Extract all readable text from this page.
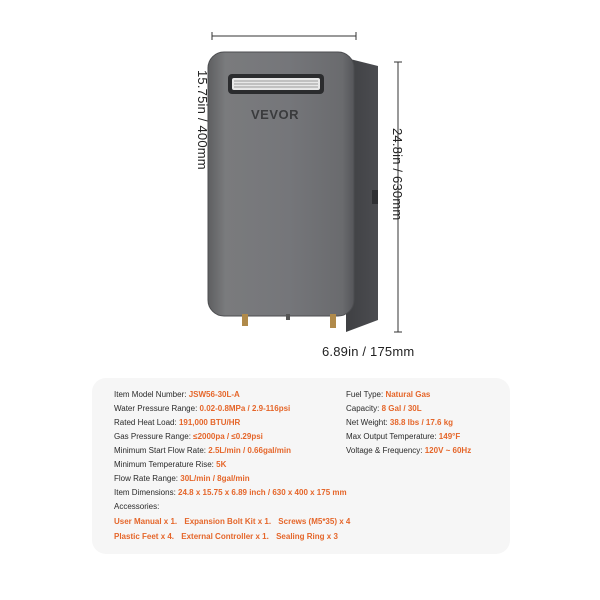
VEVOR
15.75in / 400mm
24.8in / 630mm
6.89in / 175mm
Item Model Number: JSW56-30L-A
Water Pressure Range: 0.02-0.8MPa / 2.9-116psi
Rated Heat Load: 191,000 BTU/HR
Gas Pressure Range: ≤2000pa / ≤0.29psi
Minimum Start Flow Rate: 2.5L/min / 0.66gal/min
Minimum Temperature Rise: 5K
Flow Rate Range: 30L/min / 8gal/min
Item Dimensions: 24.8 x 15.75 x 6.89 inch / 630 x 400 x 175 mm
Fuel Type: Natural Gas
Capacity: 8 Gal / 30L
Net Weight: 38.8 lbs / 17.6 kg
Max Output Temperature: 149°F
Voltage & Frequency: 120V ~ 60Hz
Accessories:
User Manual x 1. Expansion Bolt Kit x 1. Screws (M5*35) x 4
Plastic Feet x 4. External Controller x 1. Sealing Ring x 3
